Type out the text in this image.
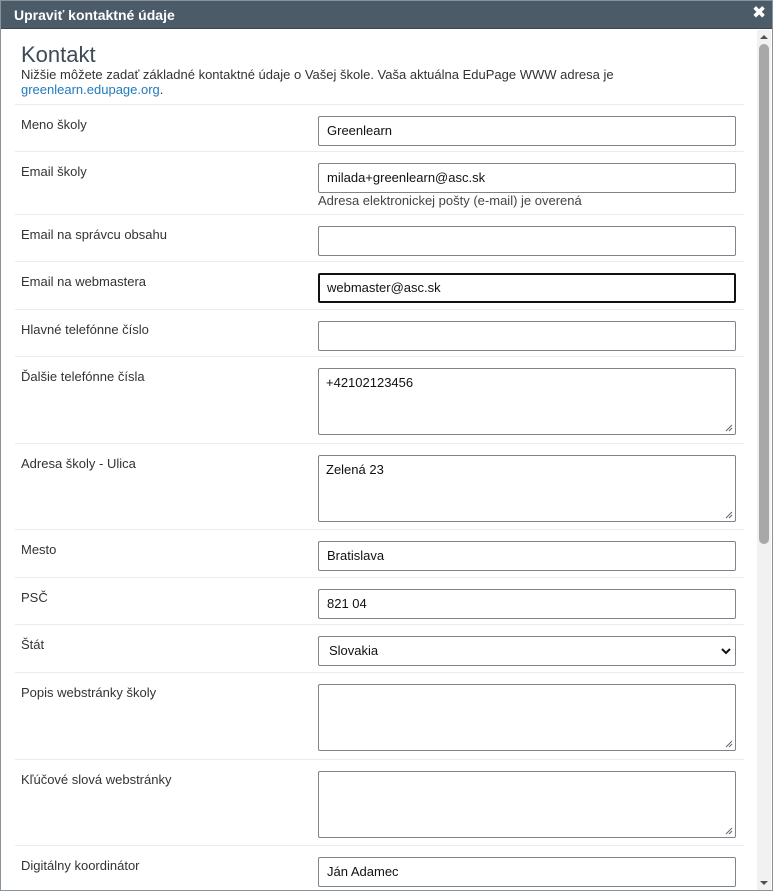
Upraviť kontaktné údaje	✖
Kontakt
Nižšie môžete zadať základné kontaktné údaje o Vašej škole. Vaša aktuálna EduPage WWW adresa je
greenlearn.edupage.org.
Meno školy	Greenlearn
Email školy	milada+greenlearn@asc.sk
Adresa elektronickej pošty (e-mail) je overená
Email na správcu obsahu
Email na webmastera	webmaster@asc.sk
Hlavné telefónne číslo
Ďalšie telefónne čísla	+42102123456
Adresa školy - Ulica	Zelená 23
Mesto	Bratislava
PSČ	821 04
Štát	Slovakia
Popis webstránky školy
Kľúčové slová webstránky
Digitálny koordinátor	Ján Adamec
